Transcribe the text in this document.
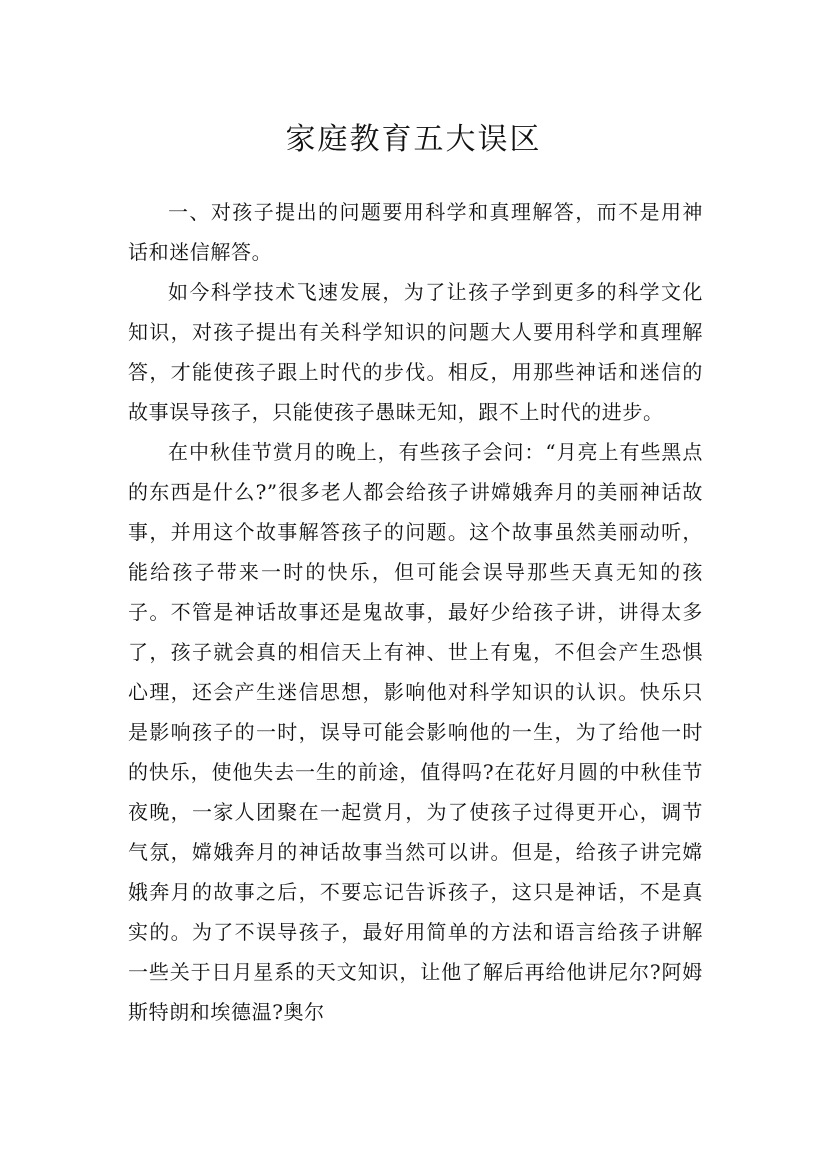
家庭教育五大误区

一、对孩子提出的问题要用科学和真理解答，而不是用神话和迷信解答。

如今科学技术飞速发展，为了让孩子学到更多的科学文化知识，对孩子提出有关科学知识的问题大人要用科学和真理解答，才能使孩子跟上时代的步伐。相反，用那些神话和迷信的故事误导孩子，只能使孩子愚昧无知，跟不上时代的进步。

在中秋佳节赏月的晚上，有些孩子会问：“月亮上有些黑点的东西是什么?”很多老人都会给孩子讲嫦娥奔月的美丽神话故事，并用这个故事解答孩子的问题。这个故事虽然美丽动听，能给孩子带来一时的快乐，但可能会误导那些天真无知的孩子。不管是神话故事还是鬼故事，最好少给孩子讲，讲得太多了，孩子就会真的相信天上有神、世上有鬼，不但会产生恐惧心理，还会产生迷信思想，影响他对科学知识的认识。快乐只是影响孩子的一时，误导可能会影响他的一生，为了给他一时的快乐，使他失去一生的前途，值得吗?在花好月圆的中秋佳节夜晚，一家人团聚在一起赏月，为了使孩子过得更开心，调节气氛，嫦娥奔月的神话故事当然可以讲。但是，给孩子讲完嫦娥奔月的故事之后，不要忘记告诉孩子，这只是神话，不是真实的。为了不误导孩子，最好用简单的方法和语言给孩子讲解一些关于日月星系的天文知识，让他了解后再给他讲尼尔?阿姆斯特朗和埃德温?奥尔
